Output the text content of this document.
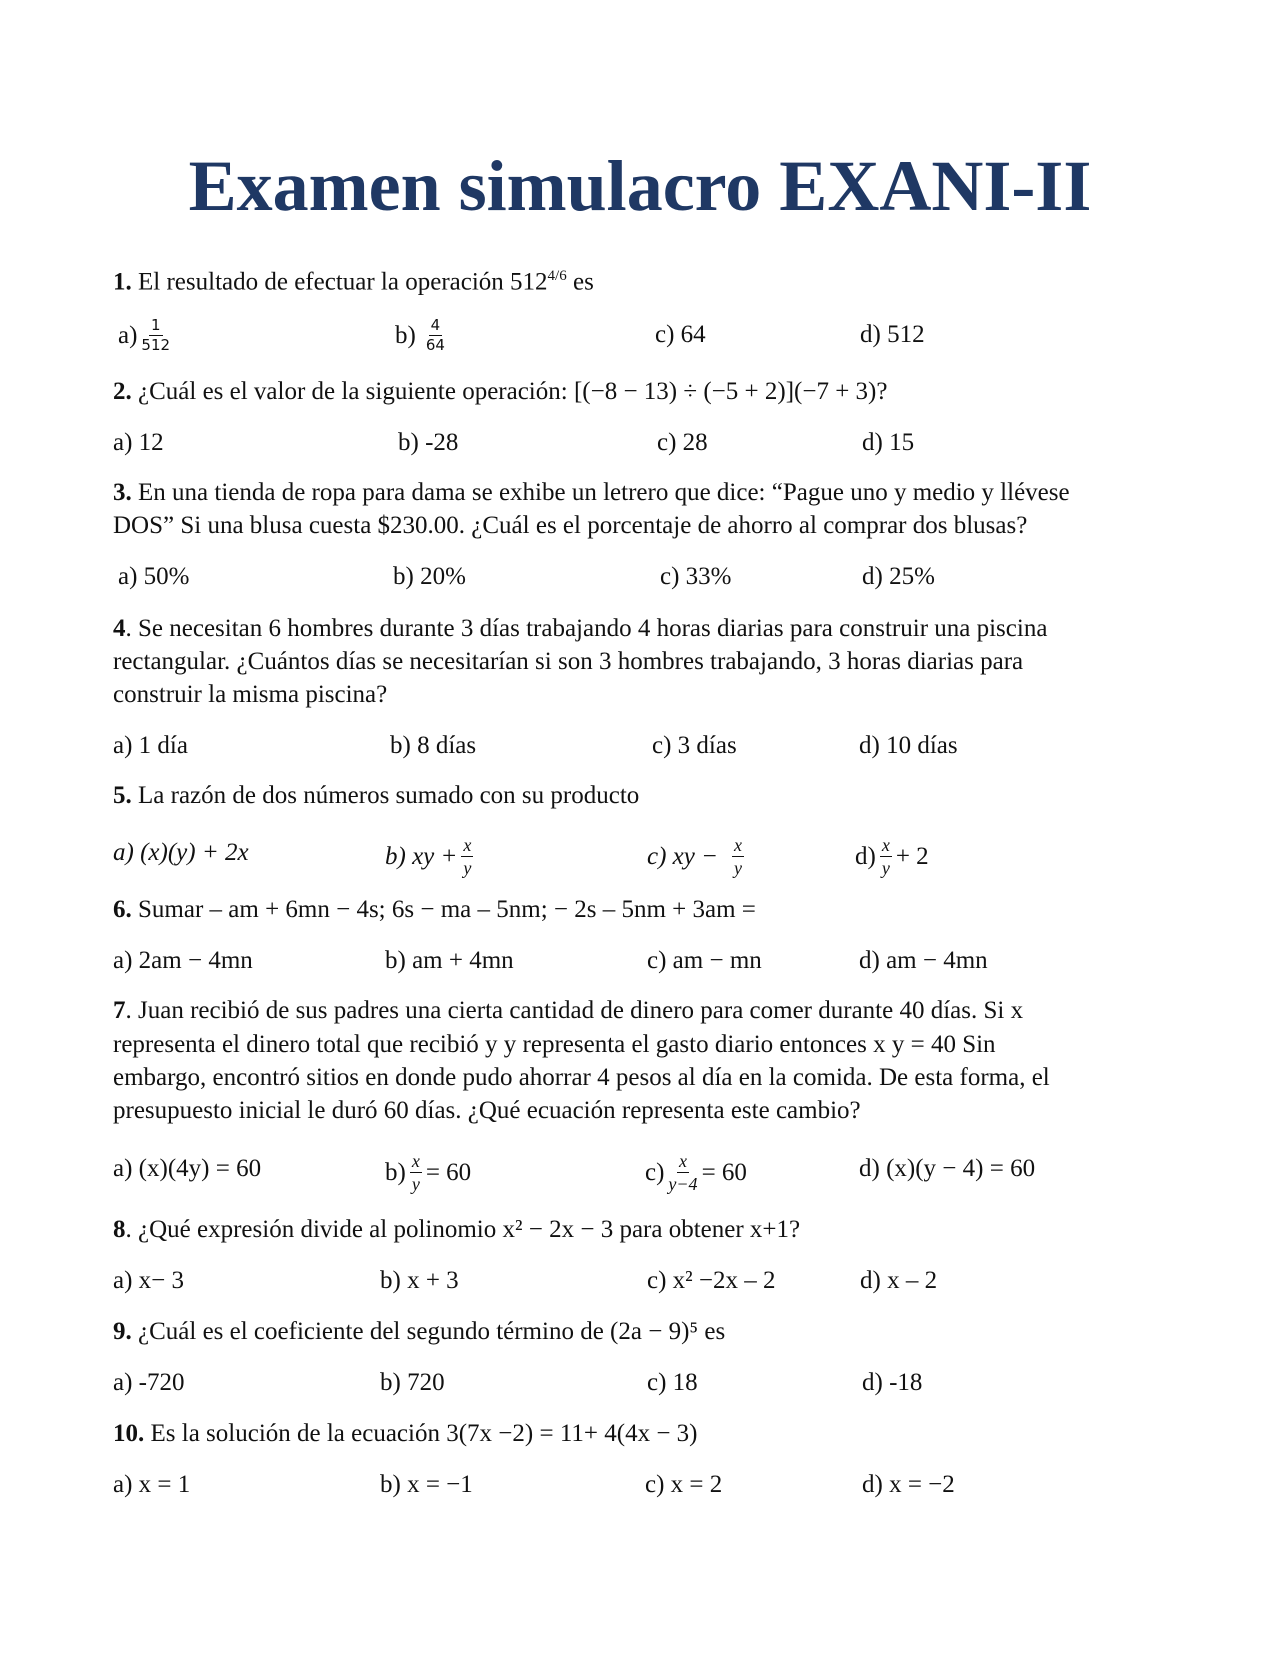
Examen simulacro EXANI-II
1. El resultado de efectuar la operación $512^{4/6}$ es
$a) \frac{1}{512}$	$b) \frac{4}{64}$	c) 64	d) 512
2. ¿Cuál es el valor de la siguiente operación: [(−8 − 13) ÷ (−5 + 2)](−7 + 3)?
a) 12	b) -28	c) 28	d) 15
3. En una tienda de ropa para dama se exhibe un letrero que dice: “Pague uno y medio y llévese
DOS” Si una blusa cuesta $230.00. ¿Cuál es el porcentaje de ahorro al comprar dos blusas?
a) 50%	b) 20%	c) 33%	d) 25%
4. Se necesitan 6 hombres durante 3 días trabajando 4 horas diarias para construir una piscina
rectangular. ¿Cuántos días se necesitarían si son 3 hombres trabajando, 3 horas diarias para
construir la misma piscina?
a) 1 día	b) 8 días	c) 3 días	d) 10 días
5. La razón de dos números sumado con su producto
a) (x)(y) + 2x	b) xy + $\frac{x}{y}$	c) xy − $\frac{x}{y}$	$d) \frac{x}{y} + 2$
6. Sumar – am + 6mn − 4s; 6s − ma – 5nm; − 2s – 5nm + 3am =
a) 2am − 4mn	b) am + 4mn	c) am − mn	d) am − 4mn
7. Juan recibió de sus padres una cierta cantidad de dinero para comer durante 40 días. Si x
representa el dinero total que recibió y y representa el gasto diario entonces x y = 40 Sin
embargo, encontró sitios en donde pudo ahorrar 4 pesos al día en la comida. De esta forma, el
presupuesto inicial le duró 60 días. ¿Qué ecuación representa este cambio?
a) (x)(4y) = 60	$b) \frac{x}{y} = 60$	$c) \frac{x}{y-4} = 60$	d) (x)(y − 4) = 60
8. ¿Qué expresión divide al polinomio x² − 2x − 3 para obtener x+1?
a) x− 3	b) x + 3	c) x² −2x – 2	d) x – 2
9. ¿Cuál es el coeficiente del segundo término de (2a − 9)⁵ es
a) -720	b) 720	c) 18	d) -18
10. Es la solución de la ecuación 3(7x −2) = 11+ 4(4x − 3)
a) x = 1	b) x = −1	c) x = 2	d) x = −2
